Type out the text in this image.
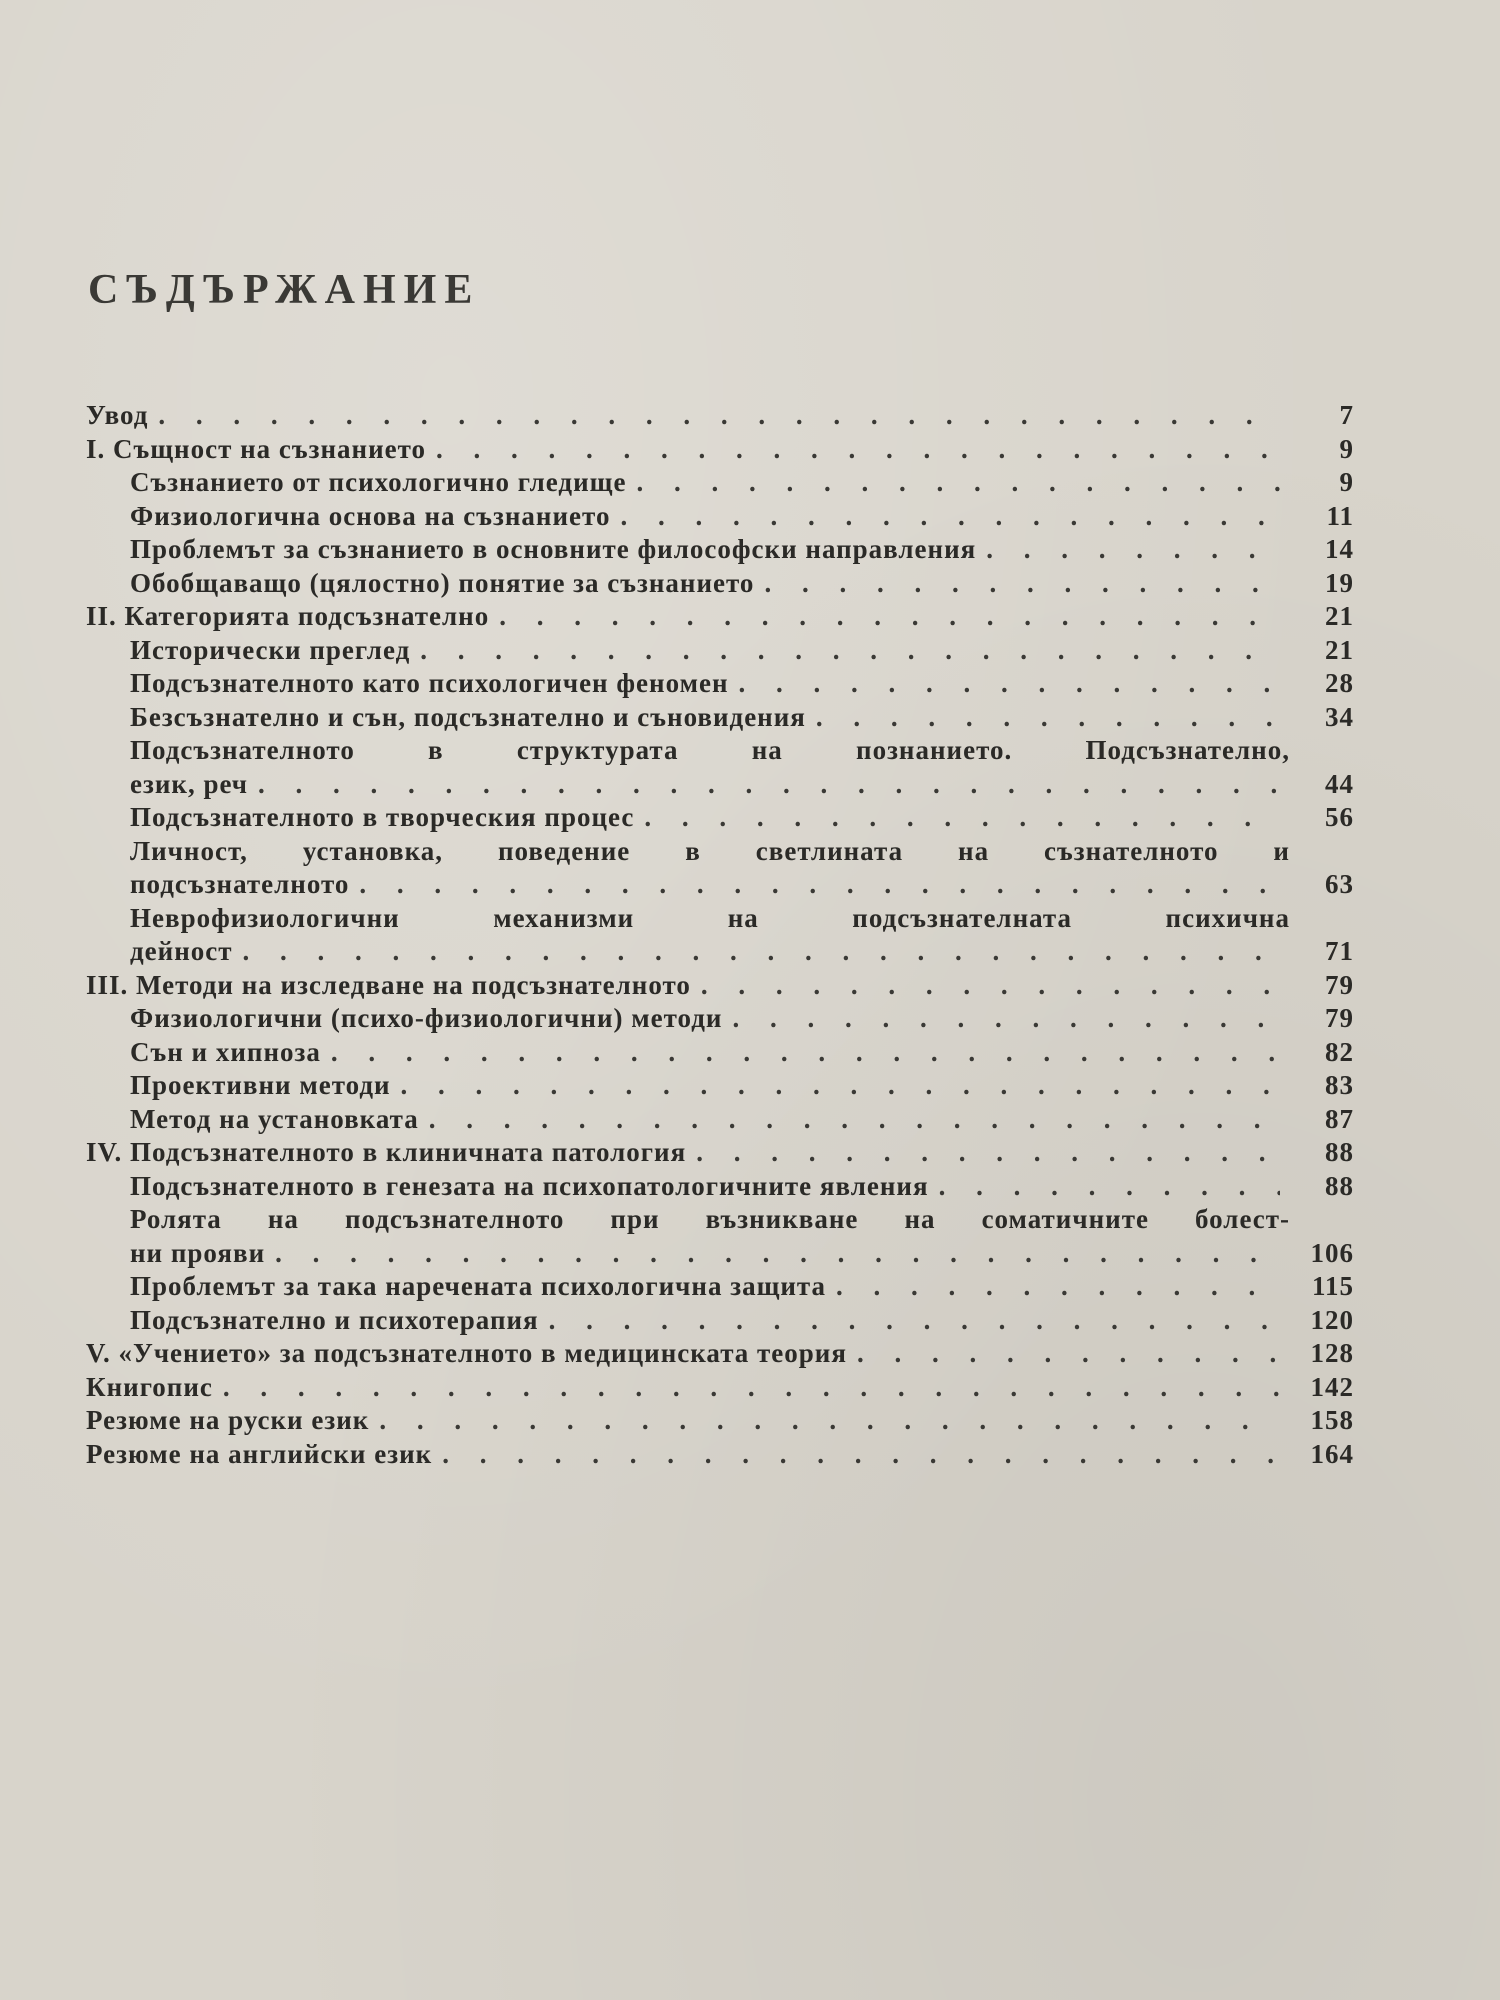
СЪДЪРЖАНИЕ
Увод . . .	7
I. Същност на съзнанието . . .	9
Съзнанието от психологично гледище . . .	9
Физиологична основа на съзнанието . . .	11
Проблемът за съзнанието в основните философски направления . . .	14
Обобщаващо (цялостно) понятие за съзнанието . . .	19
II. Категорията подсъзнателно . . .	21
Исторически преглед . . .	21
Подсъзнателното като психологичен феномен . . .	28
Безсъзнателно и сън, подсъзнателно и съновидения . . .	34
Подсъзнателното в структурата на познанието. Подсъзнателно,
език, реч . . .	44
Подсъзнателното в творческия процес . . .	56
Личност, установка, поведение в светлината на съзнателното и
подсъзнателното . . .	63
Неврофизиологични механизми на подсъзнателната психична
дейност . . .	71
III. Методи на изследване на подсъзнателното . . .	79
Физиологични (психо-физиологични) методи . . .	79
Сън и хипноза . . .	82
Проективни методи . . .	83
Метод на установката . . .	87
IV. Подсъзнателното в клиничната патология . . .	88
Подсъзнателното в генезата на психопатологичните явления . . .	88
Ролята на подсъзнателното при възникване на соматичните болест-
ни прояви . . .	106
Проблемът за така наречената психологична защита . . .	115
Подсъзнателно и психотерапия . . .	120
V. «Учението» за подсъзнателното в медицинската теория . . .	128
Книгопис . . .	142
Резюме на руски език . . .	158
Резюме на английски език . . .	164
